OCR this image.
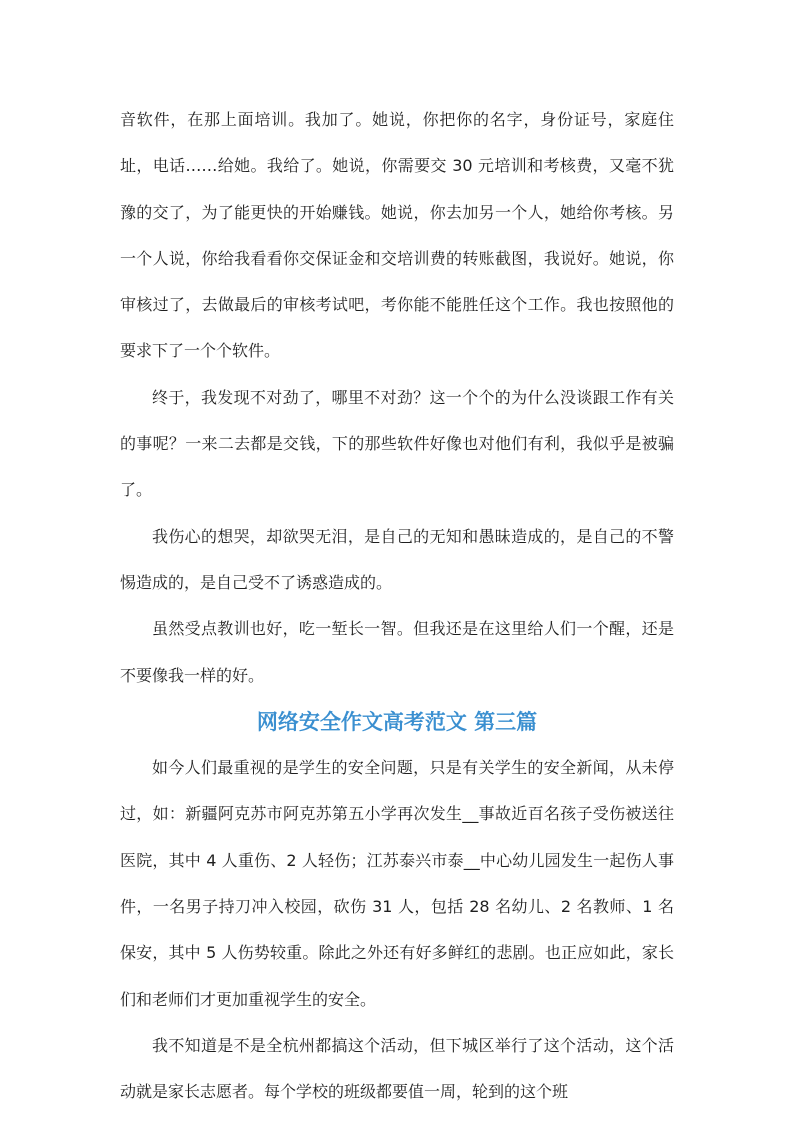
音软件，在那上面培训。我加了。她说，你把你的名字，身份证号，家庭住址，电话……给她。我给了。她说，你需要交 30 元培训和考核费，又毫不犹豫的交了，为了能更快的开始赚钱。她说，你去加另一个人，她给你考核。另一个人说，你给我看看你交保证金和交培训费的转账截图，我说好。她说，你审核过了，去做最后的审核考试吧，考你能不能胜任这个工作。我也按照他的要求下了一个个软件。

终于，我发现不对劲了，哪里不对劲？这一个个的为什么没谈跟工作有关的事呢？一来二去都是交钱，下的那些软件好像也对他们有利，我似乎是被骗了。

我伤心的想哭，却欲哭无泪，是自己的无知和愚昧造成的，是自己的不警惕造成的，是自己受不了诱惑造成的。

虽然受点教训也好，吃一堑长一智。但我还是在这里给人们一个醒，还是不要像我一样的好。

网络安全作文高考范文 第三篇

如今人们最重视的是学生的安全问题，只是有关学生的安全新闻，从未停过，如：新疆阿克苏市阿克苏第五小学再次发生__事故近百名孩子受伤被送往医院，其中 4 人重伤、2 人轻伤；江苏泰兴市泰__中心幼儿园发生一起伤人事件，一名男子持刀冲入校园，砍伤 31 人，包括 28 名幼儿、2 名教师、1 名保安，其中 5 人伤势较重。除此之外还有好多鲜红的悲剧。也正应如此，家长们和老师们才更加重视学生的安全。

我不知道是不是全杭州都搞这个活动，但下城区举行了这个活动，这个活动就是家长志愿者。每个学校的班级都要值一周，轮到的这个班
